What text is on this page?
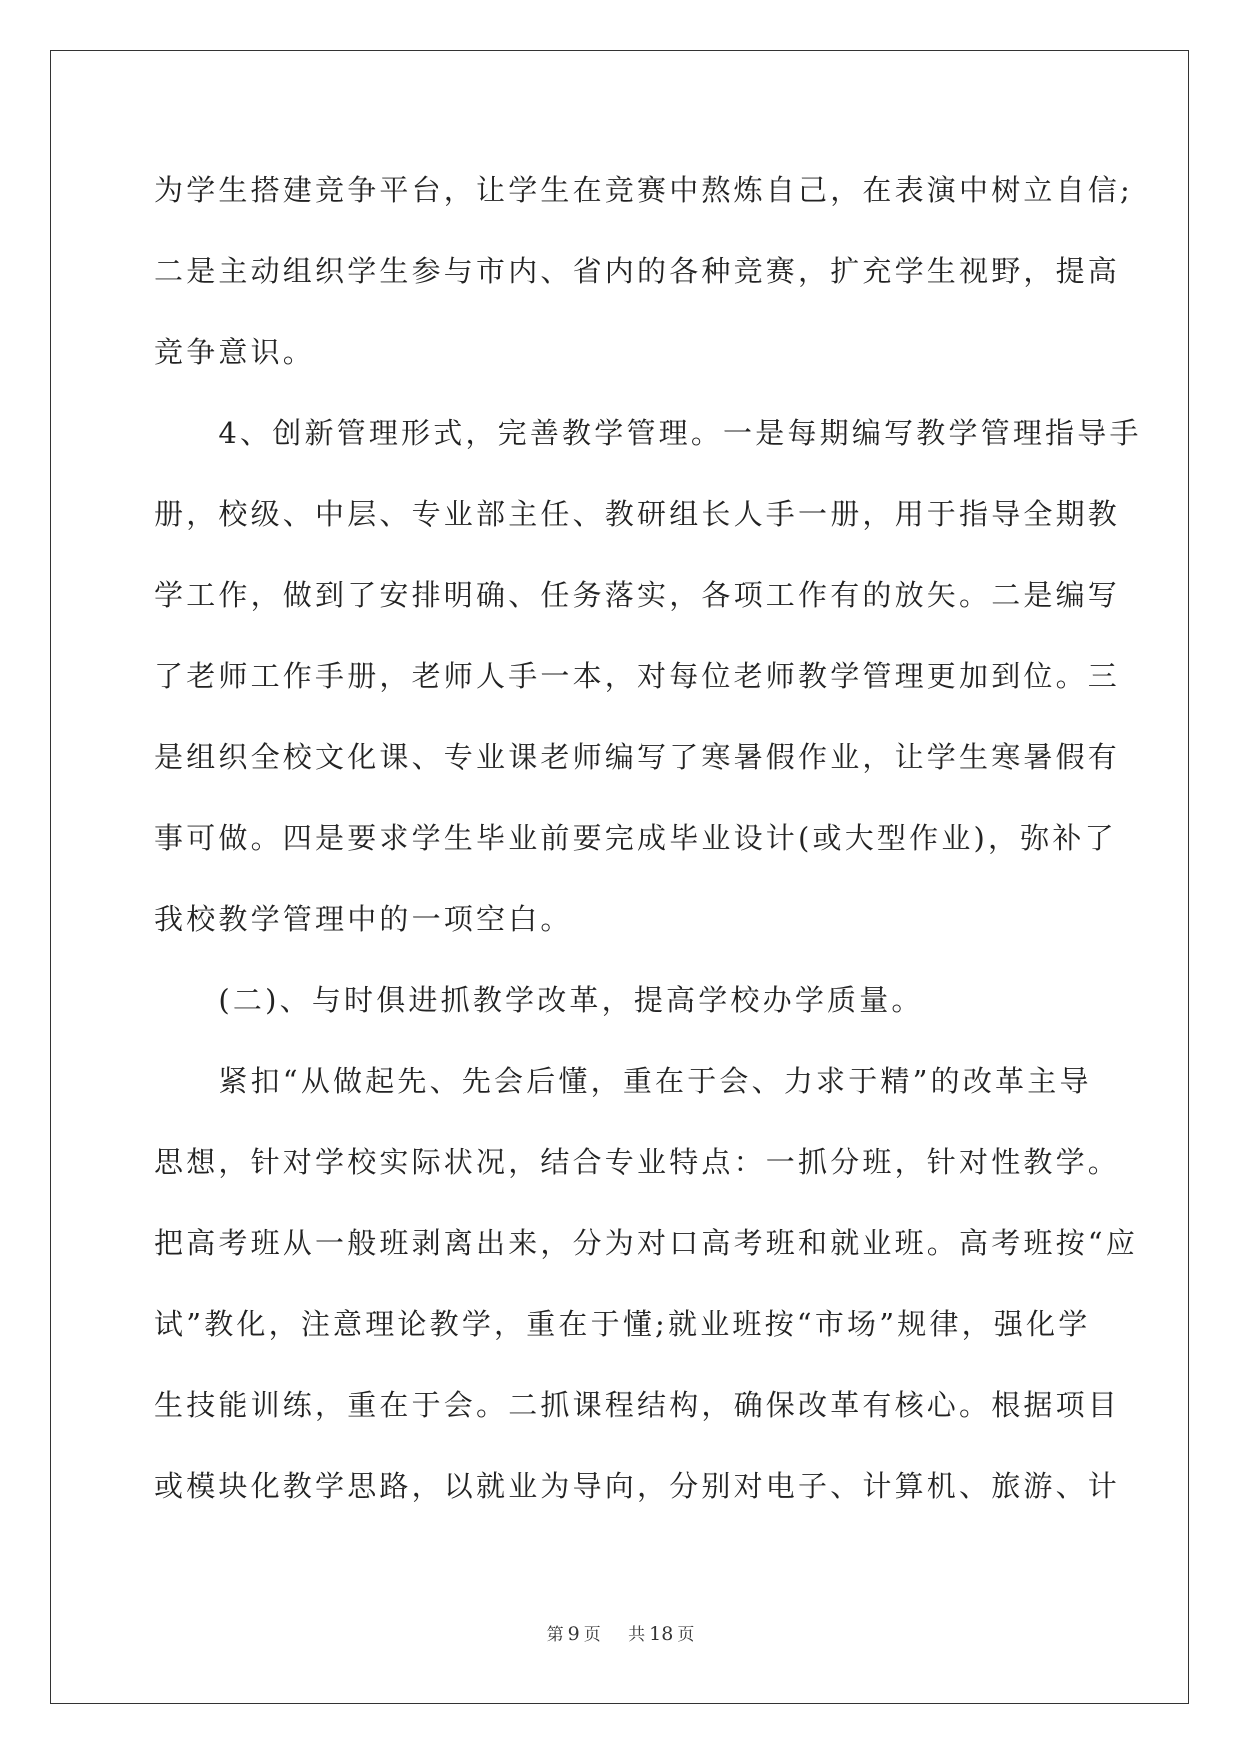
为学生搭建竞争平台，让学生在竞赛中熬炼自己，在表演中树立自信;
二是主动组织学生参与市内、省内的各种竞赛，扩充学生视野，提高
竞争意识。
　　4、创新管理形式，完善教学管理。一是每期编写教学管理指导手
册，校级、中层、专业部主任、教研组长人手一册，用于指导全期教
学工作，做到了安排明确、任务落实，各项工作有的放矢。二是编写
了老师工作手册，老师人手一本，对每位老师教学管理更加到位。三
是组织全校文化课、专业课老师编写了寒暑假作业，让学生寒暑假有
事可做。四是要求学生毕业前要完成毕业设计(或大型作业)，弥补了
我校教学管理中的一项空白。
　　(二)、与时俱进抓教学改革，提高学校办学质量。
　　紧扣“从做起先、先会后懂，重在于会、力求于精”的改革主导
思想，针对学校实际状况，结合专业特点：一抓分班，针对性教学。
把高考班从一般班剥离出来，分为对口高考班和就业班。高考班按“应
试”教化，注意理论教学，重在于懂;就业班按“市场”规律，强化学
生技能训练，重在于会。二抓课程结构，确保改革有核心。根据项目
或模块化教学思路，以就业为导向，分别对电子、计算机、旅游、计
第 9 页 共 18 页
